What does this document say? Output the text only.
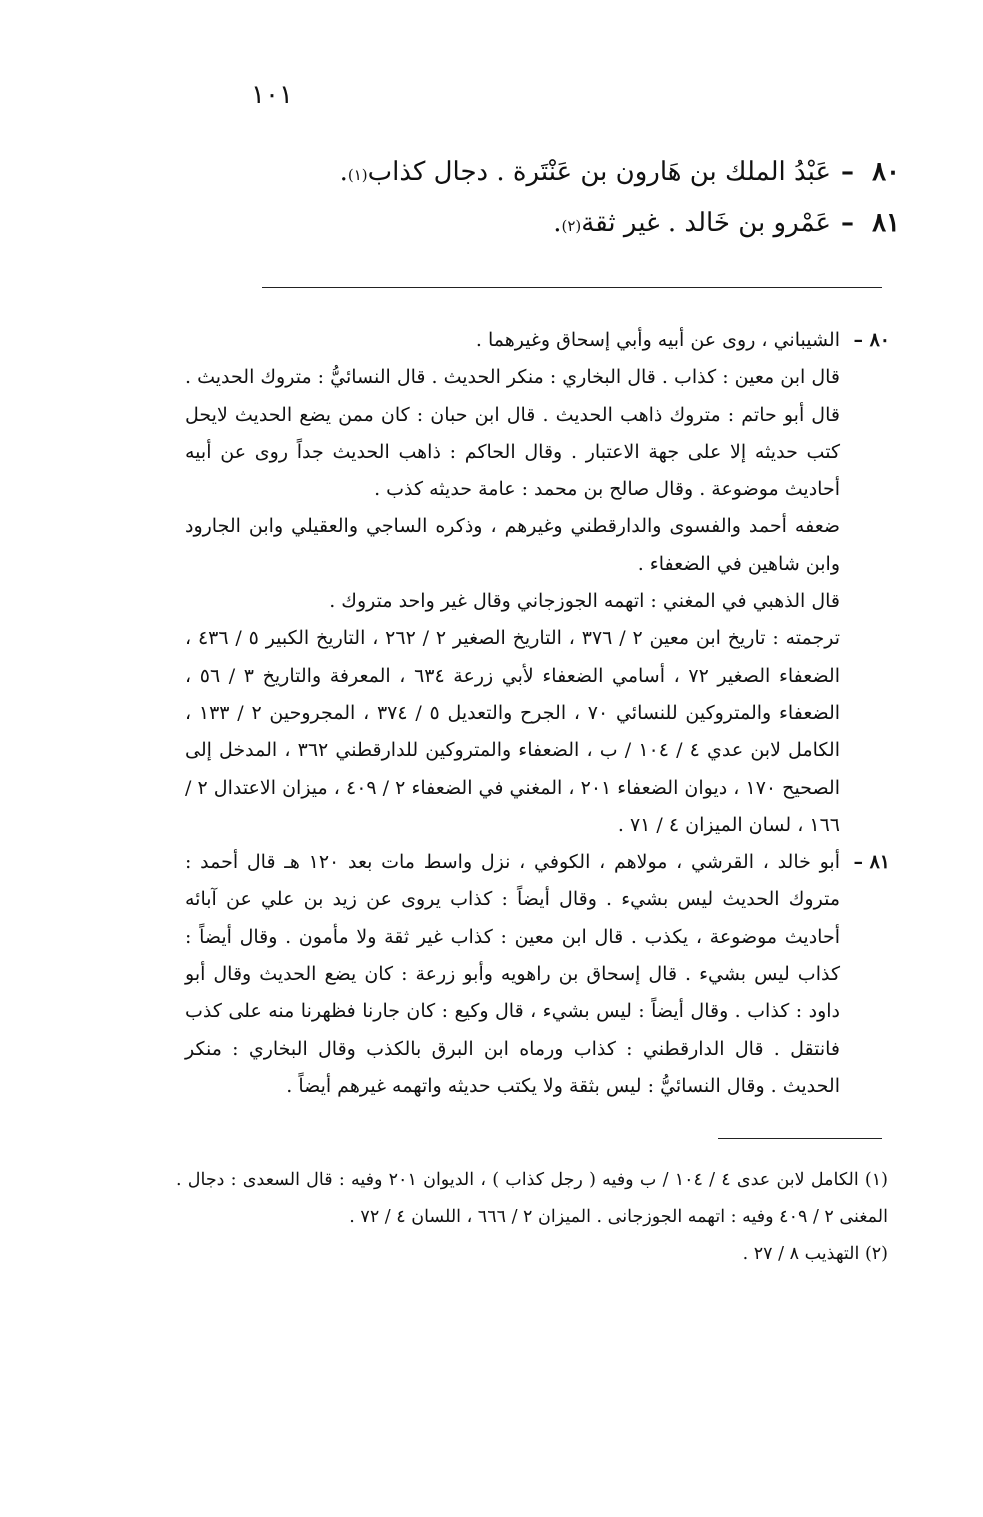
١٠١
٨٠
–
عَبْدُ الملك بن هَارون بن عَنْتَرة . دجال كذاب
(١)
.
٨١
–
عَمْرو بن خَالد . غير ثقة
(٢)
.
٨٠ –

الشيباني ، روى عن أبيه وأبي إسحاق وغيرهما .

قال ابن معين : كذاب . قال البخاري : منكر الحديث . قال النسائيُّ : متروك الحديث .

قال أبو حاتم : متروك ذاهب الحديث . قال ابن حبان : كان ممن يضع الحديث لايحل كتب حديثه إلا على جهة الاعتبار . وقال الحاكم : ذاهب الحديث جداً روى عن أبيه أحاديث موضوعة . وقال صالح بن محمد : عامة حديثه كذب .

ضعفه أحمد والفسوى والدارقطني وغيرهم ، وذكره الساجي والعقيلي وابن الجارود وابن شاهين في الضعفاء .

قال الذهبي في المغني : اتهمه الجوزجاني وقال غير واحد متروك .

ترجمته : تاريخ ابن معين ٢ / ٣٧٦ ، التاريخ الصغير ٢ / ٢٦٢ ، التاريخ الكبير ٥ / ٤٣٦ ، الضعفاء الصغير ٧٢ ، أسامي الضعفاء لأبي زرعة ٦٣٤ ، المعرفة والتاريخ ٣ / ٥٦ ، الضعفاء والمتروكين للنسائي ٧٠ ، الجرح والتعديل ٥ / ٣٧٤ ، المجروحين ٢ / ١٣٣ ، الكامل لابن عدي ٤ / ١٠٤ / ب ، الضعفاء والمتروكين للدارقطني ٣٦٢ ، المدخل إلى الصحيح ١٧٠ ، ديوان الضعفاء ٢٠١ ، المغني في الضعفاء ٢ / ٤٠٩ ، ميزان الاعتدال ٢ / ١٦٦ ، لسان الميزان ٤ / ٧١ .

٨١ –

أبو خالد ، القرشي ، مولاهم ، الكوفي ، نزل واسط مات بعد ١٢٠ هـ قال أحمد : متروك الحديث ليس بشيء . وقال أيضاً : كذاب يروى عن زيد بن علي عن آبائه أحاديث موضوعة ، يكذب . قال ابن معين : كذاب غير ثقة ولا مأمون . وقال أيضاً : كذاب ليس بشيء . قال إسحاق بن راهويه وأبو زرعة : كان يضع الحديث وقال أبو داود : كذاب . وقال أيضاً : ليس بشيء ، قال وكيع : كان جارنا فظهرنا منه على كذب فانتقل . قال الدارقطني : كذاب ورماه ابن البرق بالكذب وقال البخاري : منكر الحديث . وقال النسائيُّ : ليس بثقة ولا يكتب حديثه واتهمه غيرهم أيضاً .

(١) الكامل لابن عدى ٤ / ١٠٤ / ب وفيه ( رجل كذاب ) ، الديوان ٢٠١ وفيه : قال السعدى : دجال . المغنى ٢ / ٤٠٩ وفيه : اتهمه الجوزجانى . الميزان ٢ / ٦٦٦ ، اللسان ٤ / ٧٢ .

(٢) التهذيب ٨ / ٢٧ .
